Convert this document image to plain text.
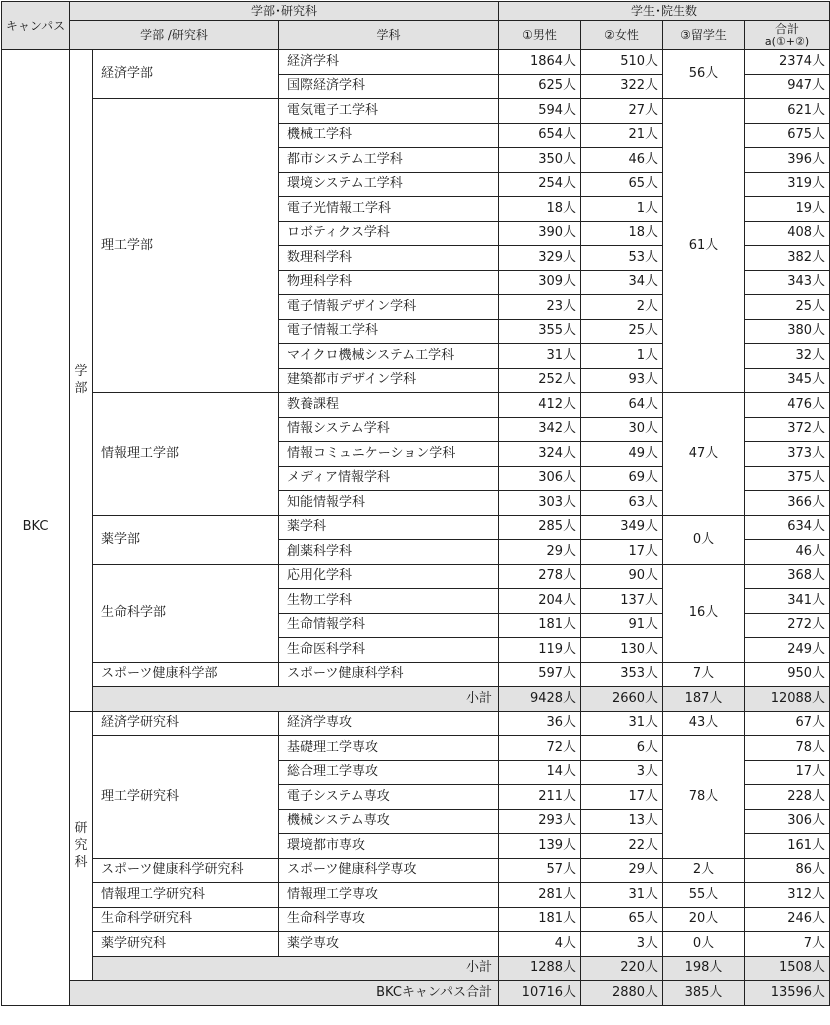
キャンパス	学部･研究科			学生･院生数			
	学部 /研究科		学科	①男性	②女性	③留学生	合計
a(①+②)
BKC	学部	経済学部	経済学科	1864人	510人	56人	2374人
			国際経済学科	625人	322人		947人
		理工学部	電気電子工学科	594人	27人	61人	621人
			機械工学科	654人	21人		675人
			都市システム工学科	350人	46人		396人
			環境システム工学科	254人	65人		319人
			電子光情報工学科	18人	1人		19人
			ロボティクス学科	390人	18人		408人
			数理科学科	329人	53人		382人
			物理科学科	309人	34人		343人
			電子情報デザイン学科	23人	2人		25人
			電子情報工学科	355人	25人		380人
			マイクロ機械システム工学科	31人	1人		32人
			建築都市デザイン学科	252人	93人		345人
		情報理工学部	教養課程	412人	64人	47人	476人
			情報システム学科	342人	30人		372人
			情報コミュニケーション学科	324人	49人		373人
			メディア情報学科	306人	69人		375人
			知能情報学科	303人	63人		366人
		薬学部	薬学科	285人	349人	0人	634人
			創薬科学科	29人	17人		46人
		生命科学部	応用化学科	278人	90人	16人	368人
			生物工学科	204人	137人		341人
			生命情報学科	181人	91人		272人
			生命医科学科	119人	130人		249人
		スポーツ健康科学部	スポーツ健康科学科	597人	353人	7人	950人
		小計		9428人	2660人	187人	12088人
	研究科	経済学研究科	経済学専攻	36人	31人	43人	67人
		理工学研究科	基礎理工学専攻	72人	6人	78人	78人
			総合理工学専攻	14人	3人		17人
			電子システム専攻	211人	17人		228人
			機械システム専攻	293人	13人		306人
			環境都市専攻	139人	22人		161人
		スポーツ健康科学研究科	スポーツ健康科学専攻	57人	29人	2人	86人
		情報理工学研究科	情報理工学専攻	281人	31人	55人	312人
		生命科学研究科	生命科学専攻	181人	65人	20人	246人
		薬学研究科	薬学専攻	4人	3人	0人	7人
		小計		1288人	220人	198人	1508人
	BKCキャンパス合計			10716人	2880人	385人	13596人
